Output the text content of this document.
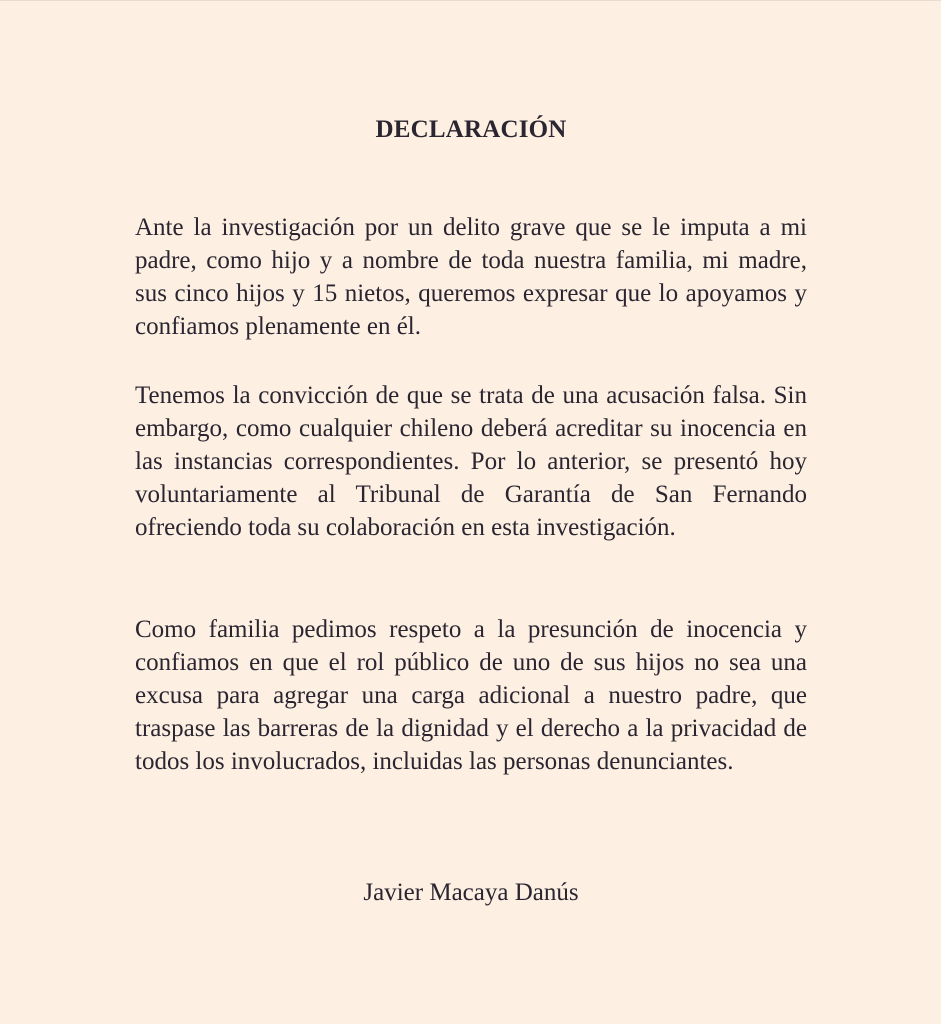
DECLARACIÓN

Ante la investigación por un delito grave que se le imputa a mi padre, como hijo y a nombre de toda nuestra familia, mi madre, sus cinco hijos y 15 nietos, queremos expresar que lo apoyamos y confiamos plenamente en él.

Tenemos la convicción de que se trata de una acusación falsa. Sin embargo, como cualquier chileno deberá acreditar su inocencia en las instancias correspondientes. Por lo anterior, se presentó hoy voluntariamente al Tribunal de Garantía de San Fernando ofreciendo toda su colaboración en esta investigación.

Como familia pedimos respeto a la presunción de inocencia y confiamos en que el rol público de uno de sus hijos no sea una excusa para agregar una carga adicional a nuestro padre, que traspase las barreras de la dignidad y el derecho a la privacidad de todos los involucrados, incluidas las personas denunciantes.

Javier Macaya Danús
